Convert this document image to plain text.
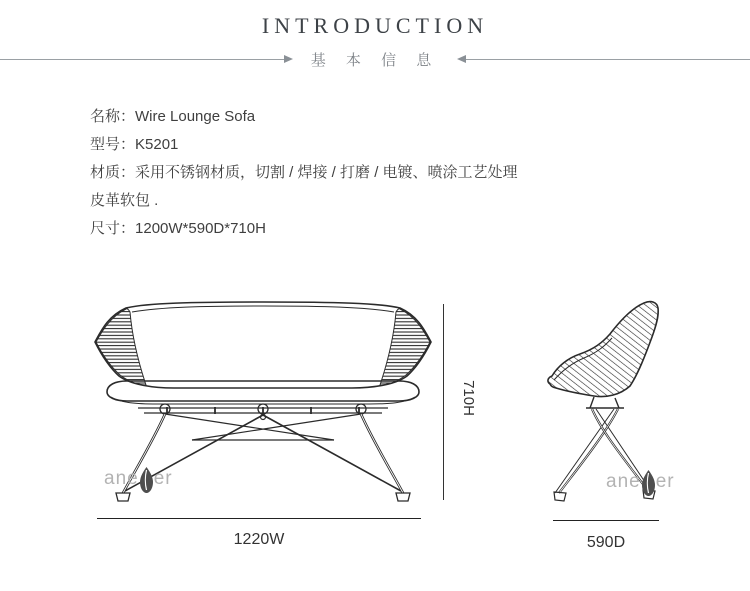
INTRODUCTION
基 本 信 息
名称：Wire Lounge Sofa
型号：K5201
材质：采用不锈钢材质，切割 / 焊接 / 打磨 / 电镀、喷涂工艺处理
皮革软包 .
尺寸：1200W*590D*710H
710H
1220W	590D
ane er	ane er
